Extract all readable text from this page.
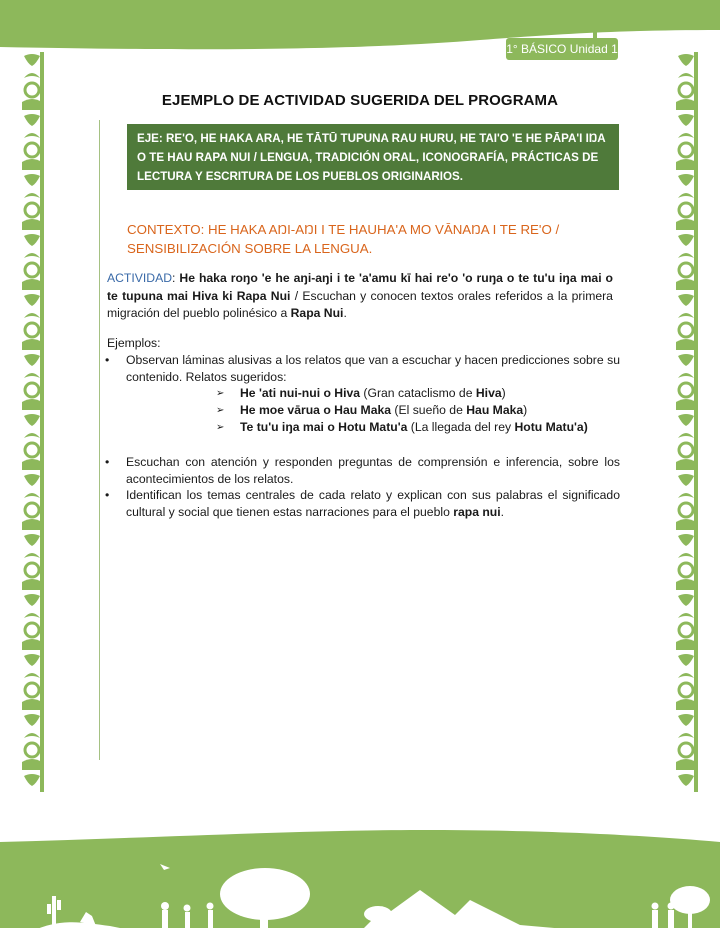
1° BÁSICO Unidad 1
EJEMPLO DE ACTIVIDAD SUGERIDA DEL PROGRAMA
EJE: RE'O, HE HAKA ARA, HE TĀTŪ TUPUNA RAU HURU, HE TAI'O 'E HE PĀPA'I IŊA O TE HAU RAPA NUI / LENGUA, TRADICIÓN ORAL, ICONOGRAFÍA, PRÁCTICAS DE LECTURA Y ESCRITURA DE LOS PUEBLOS ORIGINARIOS.
CONTEXTO: HE HAKA AŊI-AŊI I TE HAUHA'A MO VĀNAŊA I TE RE'O / SENSIBILIZACIÓN SOBRE LA LENGUA.
ACTIVIDAD: He haka roŋo 'e he aŋi-aŋi i te 'a'amu kī hai re'o 'o ruŋa o te tu'u iŋa mai o te tupuna mai Hiva ki Rapa Nui / Escuchan y conocen textos orales referidos a la primera migración del pueblo polinésico a Rapa Nui.
Ejemplos:
• Observan láminas alusivas a los relatos que van a escuchar y hacen predicciones sobre su contenido. Relatos sugeridos:
➢ He 'ati nui-nui o Hiva (Gran cataclismo de Hiva)
➢ He moe vārua o Hau Maka (El sueño de Hau Maka)
➢ Te tu'u iŋa mai o Hotu Matu'a (La llegada del rey Hotu Matu'a)
• Escuchan con atención y responden preguntas de comprensión e inferencia, sobre los acontecimientos de los relatos.
• Identifican los temas centrales de cada relato y explican con sus palabras el significado cultural y social que tienen estas narraciones para el pueblo rapa nui.
